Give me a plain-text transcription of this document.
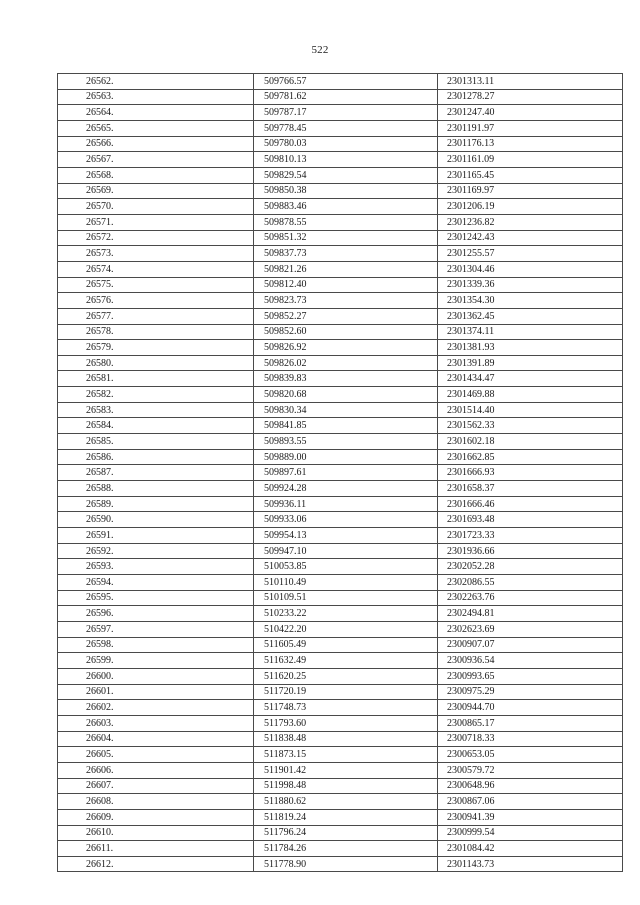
522
26562.	509766.57	2301313.11
26563.	509781.62	2301278.27
26564.	509787.17	2301247.40
26565.	509778.45	2301191.97
26566.	509780.03	2301176.13
26567.	509810.13	2301161.09
26568.	509829.54	2301165.45
26569.	509850.38	2301169.97
26570.	509883.46	2301206.19
26571.	509878.55	2301236.82
26572.	509851.32	2301242.43
26573.	509837.73	2301255.57
26574.	509821.26	2301304.46
26575.	509812.40	2301339.36
26576.	509823.73	2301354.30
26577.	509852.27	2301362.45
26578.	509852.60	2301374.11
26579.	509826.92	2301381.93
26580.	509826.02	2301391.89
26581.	509839.83	2301434.47
26582.	509820.68	2301469.88
26583.	509830.34	2301514.40
26584.	509841.85	2301562.33
26585.	509893.55	2301602.18
26586.	509889.00	2301662.85
26587.	509897.61	2301666.93
26588.	509924.28	2301658.37
26589.	509936.11	2301666.46
26590.	509933.06	2301693.48
26591.	509954.13	2301723.33
26592.	509947.10	2301936.66
26593.	510053.85	2302052.28
26594.	510110.49	2302086.55
26595.	510109.51	2302263.76
26596.	510233.22	2302494.81
26597.	510422.20	2302623.69
26598.	511605.49	2300907.07
26599.	511632.49	2300936.54
26600.	511620.25	2300993.65
26601.	511720.19	2300975.29
26602.	511748.73	2300944.70
26603.	511793.60	2300865.17
26604.	511838.48	2300718.33
26605.	511873.15	2300653.05
26606.	511901.42	2300579.72
26607.	511998.48	2300648.96
26608.	511880.62	2300867.06
26609.	511819.24	2300941.39
26610.	511796.24	2300999.54
26611.	511784.26	2301084.42
26612.	511778.90	2301143.73
